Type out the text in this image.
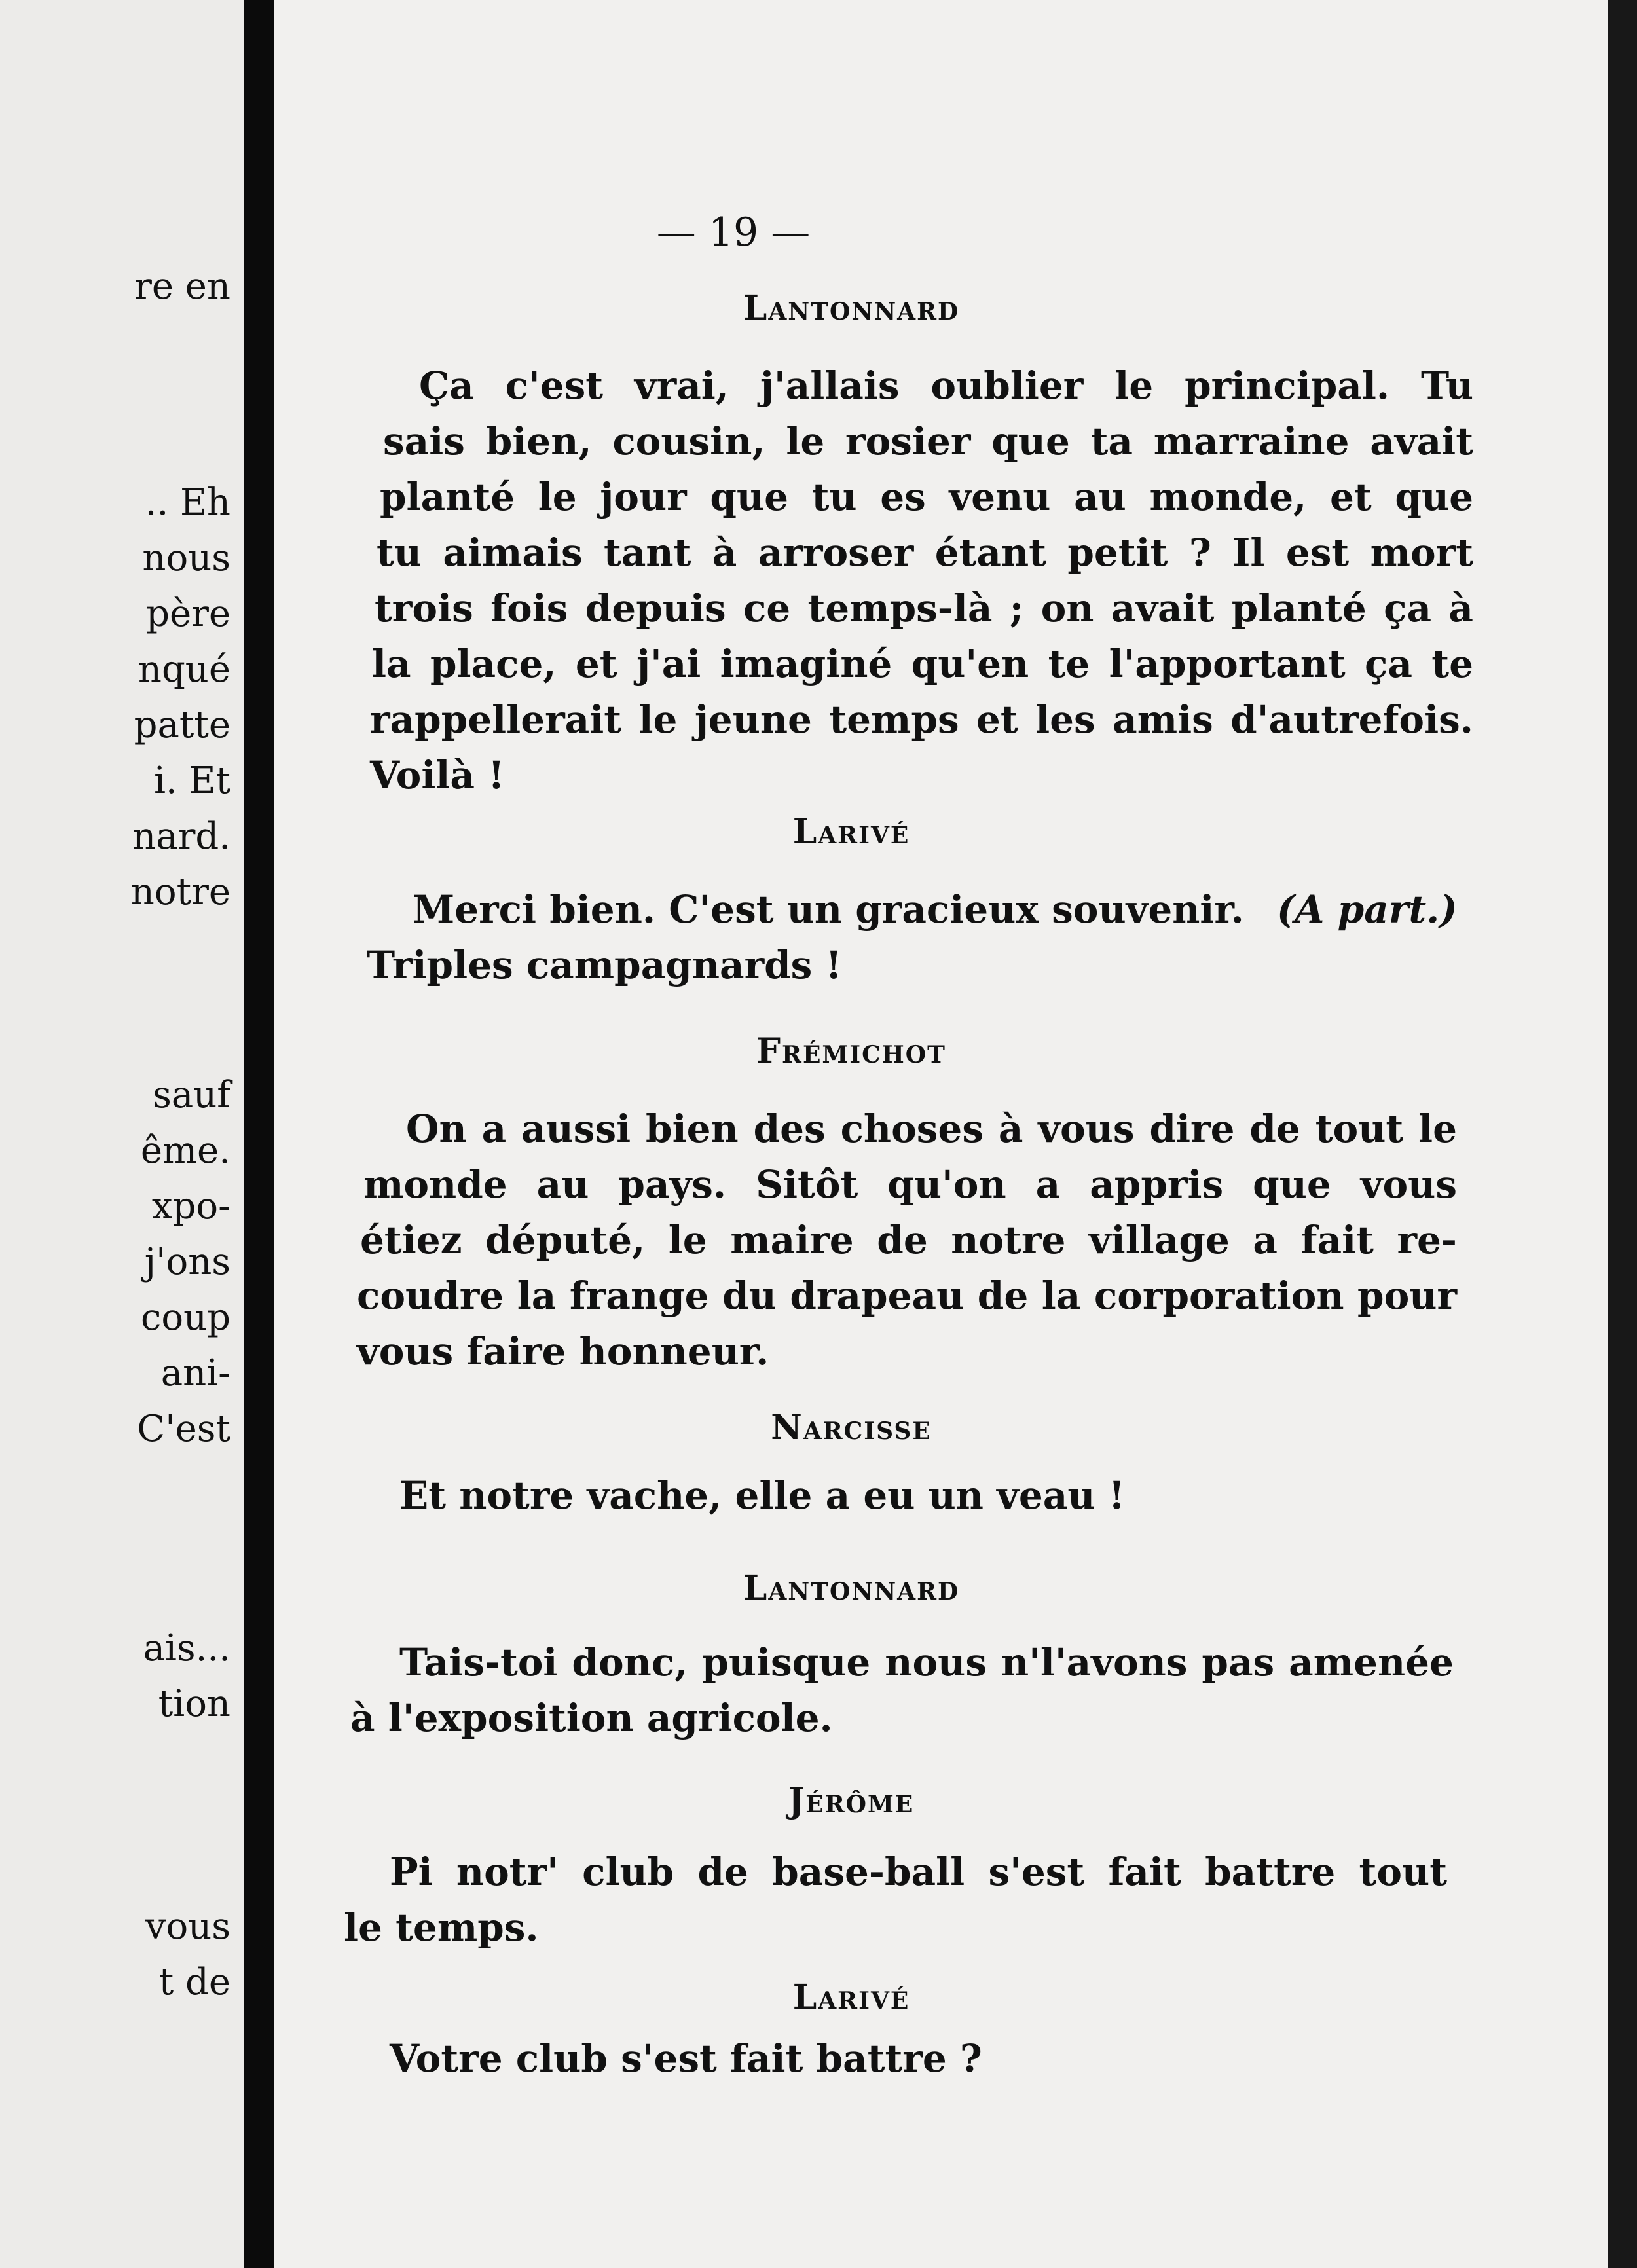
re en
.. Eh
nous
père
nqué
patte
i. Et
nard.
notre
sauf
ême.
xpo-
j'ons
coup
ani-
C'est
ais...
tion
vous
t de
— 19 —
Lantonnard
Ça c'est vrai, j'allais oublier le principal. Tu
sais bien, cousin, le rosier que ta marraine avait
planté le jour que tu es venu au monde, et que
tu aimais tant à arroser étant petit ? Il est mort
trois fois depuis ce temps-là ; on avait planté ça à
la place, et j'ai imaginé qu'en te l'apportant ça te
rappellerait le jeune temps et les amis d'autrefois.
Voilà !
Larivé
Merci bien. C'est un gracieux souvenir. (A part.)
Triples campagnards !
Frémichot
On a aussi bien des choses à vous dire de tout le
monde au pays. Sitôt qu'on a appris que vous
étiez député, le maire de notre village a fait re-
coudre la frange du drapeau de la corporation pour
vous faire honneur.
Narcisse
Et notre vache, elle a eu un veau !
Lantonnard
Tais-toi donc, puisque nous n'l'avons pas amenée
à l'exposition agricole.
Jérôme
Pi notr' club de base-ball s'est fait battre tout
le temps.
Larivé
Votre club s'est fait battre ?
